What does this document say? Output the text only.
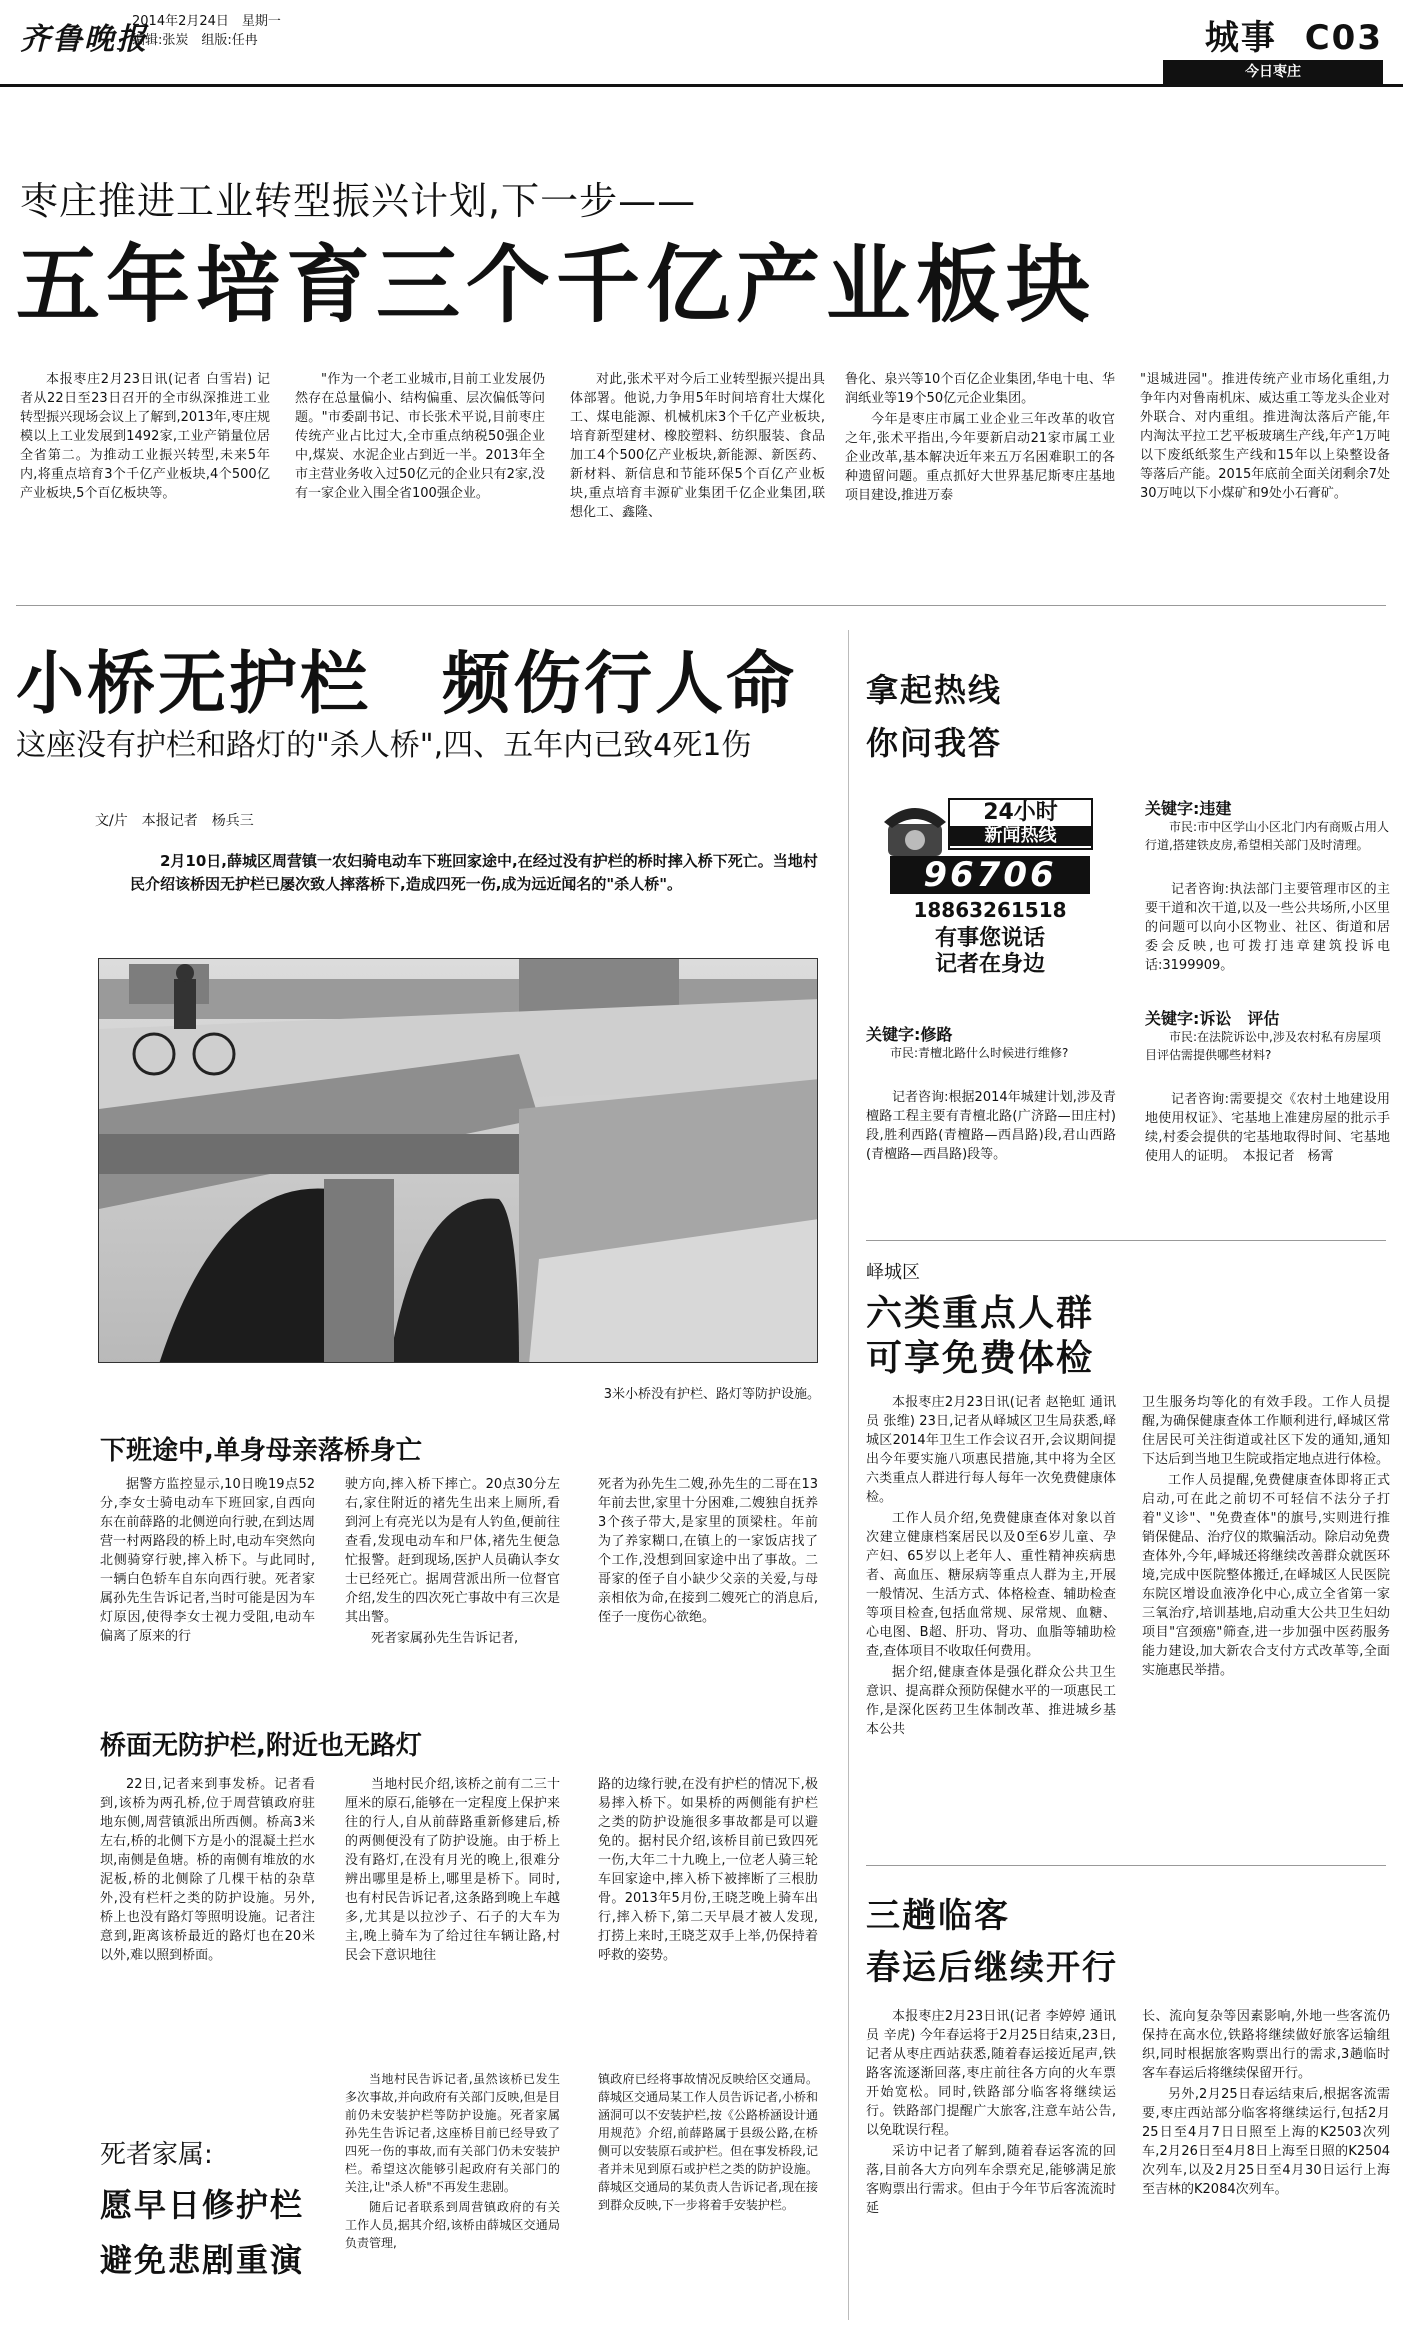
齐鲁晚报
2014年2月24日　星期一
编辑:张炭　组版:任冉	城事 C03
今日枣庄
枣庄推进工业转型振兴计划,下一步——
五年培育三个千亿产业板块

本报枣庄2月23日讯(记者 白雪岩) 记者从22日至23日召开的全市纵深推进工业转型振兴现场会议上了解到,2013年,枣庄规模以上工业发展到1492家,工业产销量位居全省第二。为推动工业振兴转型,未来5年内,将重点培育3个千亿产业板块,4个500亿产业板块,5个百亿板块等。

"作为一个老工业城市,目前工业发展仍然存在总量偏小、结构偏重、层次偏低等问题。"市委副书记、市长张术平说,目前枣庄传统产业占比过大,全市重点纳税50强企业中,煤炭、水泥企业占到近一半。2013年全市主营业务收入过50亿元的企业只有2家,没有一家企业入围全省100强企业。

对此,张术平对今后工业转型振兴提出具体部署。他说,力争用5年时间培育壮大煤化工、煤电能源、机械机床3个千亿产业板块,培育新型建材、橡胶塑料、纺织服装、食品加工4个500亿产业板块,新能源、新医药、新材料、新信息和节能环保5个百亿产业板块,重点培育丰源矿业集团千亿企业集团,联想化工、鑫隆、

鲁化、泉兴等10个百亿企业集团,华电十电、华润纸业等19个50亿元企业集团。

今年是枣庄市属工业企业三年改革的收官之年,张术平指出,今年要新启动21家市属工业企业改革,基本解决近年来五万名困难职工的各种遗留问题。重点抓好大世界基尼斯枣庄基地项目建设,推进万泰

"退城进园"。推进传统产业市场化重组,力争年内对鲁南机床、威达重工等龙头企业对外联合、对内重组。推进淘汰落后产能,年内淘汰平拉工艺平板玻璃生产线,年产1万吨以下废纸纸浆生产线和15年以上染整设备等落后产能。2015年底前全面关闭剩余7处30万吨以下小煤矿和9处小石膏矿。

小桥无护栏　频伤行人命
这座没有护栏和路灯的"杀人桥",四、五年内已致4死1伤
文/片　本报记者　杨兵三
2月10日,薛城区周营镇一农妇骑电动车下班回家途中,在经过没有护栏的桥时摔入桥下死亡。当地村民介绍该桥因无护栏已屡次致人摔落桥下,造成四死一伤,成为远近闻名的"杀人桥"。
3米小桥没有护栏、路灯等防护设施。
下班途中,单身母亲落桥身亡

据警方监控显示,10日晚19点52分,李女士骑电动车下班回家,自西向东在前薛路的北侧逆向行驶,在到达周营一村两路段的桥上时,电动车突然向北侧骑穿行驶,摔入桥下。与此同时,一辆白色轿车自东向西行驶。死者家属孙先生告诉记者,当时可能是因为车灯原因,使得李女士视力受阻,电动车偏离了原来的行

驶方向,摔入桥下摔亡。20点30分左右,家住附近的褚先生出来上厕所,看到河上有亮光以为是有人钓鱼,便前往查看,发现电动车和尸体,褚先生便急忙报警。赶到现场,医护人员确认李女士已经死亡。据周营派出所一位督官介绍,发生的四次死亡事故中有三次是其出警。

死者家属孙先生告诉记者,

死者为孙先生二嫂,孙先生的二哥在13年前去世,家里十分困难,二嫂独自抚养3个孩子带大,是家里的顶梁柱。年前为了养家糊口,在镇上的一家饭店找了个工作,没想到回家途中出了事故。二哥家的侄子自小缺少父亲的关爱,与母亲相依为命,在接到二嫂死亡的消息后,侄子一度伤心欲绝。

桥面无防护栏,附近也无路灯

22日,记者来到事发桥。记者看到,该桥为两孔桥,位于周营镇政府驻地东侧,周营镇派出所西侧。桥高3米左右,桥的北侧下方是小的混凝土拦水坝,南侧是鱼塘。桥的南侧有堆放的水泥板,桥的北侧除了几棵干枯的杂草外,没有栏杆之类的防护设施。另外,桥上也没有路灯等照明设施。记者注意到,距离该桥最近的路灯也在20米以外,难以照到桥面。

当地村民介绍,该桥之前有二三十厘米的原石,能够在一定程度上保护来往的行人,自从前薛路重新修建后,桥的两侧便没有了防护设施。由于桥上没有路灯,在没有月光的晚上,很难分辨出哪里是桥上,哪里是桥下。同时,也有村民告诉记者,这条路到晚上车越多,尤其是以拉沙子、石子的大车为主,晚上骑车为了给过往车辆让路,村民会下意识地往

路的边缘行驶,在没有护栏的情况下,极易摔入桥下。如果桥的两侧能有护栏之类的防护设施很多事故都是可以避免的。据村民介绍,该桥目前已致四死一伤,大年二十九晚上,一位老人骑三轮车回家途中,摔入桥下被摔断了三根肋骨。2013年5月份,王晓芝晚上骑车出行,摔入桥下,第二天早晨才被人发现,打捞上来时,王晓芝双手上举,仍保持着呼救的姿势。

当地村民告诉记者,虽然该桥已发生多次事故,并向政府有关部门反映,但是目前仍未安装护栏等防护设施。死者家属孙先生告诉记者,这座桥目前已经导致了四死一伤的事故,而有关部门仍未安装护栏。希望这次能够引起政府有关部门的关注,让"杀人桥"不再发生悲剧。

随后记者联系到周营镇政府的有关工作人员,据其介绍,该桥由薛城区交通局负责管理,

镇政府已经将事故情况反映给区交通局。薛城区交通局某工作人员告诉记者,小桥和涵洞可以不安装护栏,按《公路桥涵设计通用规范》介绍,前薛路属于县级公路,在桥侧可以安装原石或护栏。但在事发桥段,记者并未见到原石或护栏之类的防护设施。薛城区交通局的某负责人告诉记者,现在接到群众反映,下一步将着手安装护栏。

死者家属:
愿早日修护栏
避免悲剧重演
拿起热线
你问我答
24小时
新闻热线
96706
18863261518
有事您说话
记者在身边
关键字:违建
市民:市中区学山小区北门内有商贩占用人行道,搭建铁皮房,希望相关部门及时清理。

记者咨询:执法部门主要管理市区的主要干道和次干道,以及一些公共场所,小区里的问题可以向小区物业、社区、街道和居委会反映,也可拨打违章建筑投诉电话:3199909。

关键字:修路
市民:青檀北路什么时候进行维修?

记者咨询:根据2014年城建计划,涉及青檀路工程主要有青檀北路(广济路—田庄村)段,胜利西路(青檀路—西昌路)段,君山西路(青檀路—西昌路)段等。

关键字:诉讼　评估
市民:在法院诉讼中,涉及农村私有房屋项目评估需提供哪些材料?

记者咨询:需要提交《农村土地建设用地使用权证》、宅基地上准建房屋的批示手续,村委会提供的宅基地取得时间、宅基地使用人的证明。　本报记者　杨霄

峄城区
六类重点人群
可享免费体检

本报枣庄2月23日讯(记者 赵艳虹 通讯员 张维) 23日,记者从峄城区卫生局获悉,峄城区2014年卫生工作会议召开,会议期间提出今年要实施八项惠民措施,其中将为全区六类重点人群进行每人每年一次免费健康体检。

工作人员介绍,免费健康查体对象以首次建立健康档案居民以及0至6岁儿童、孕产妇、65岁以上老年人、重性精神疾病患者、高血压、糖尿病等重点人群为主,开展一般情况、生活方式、体格检查、辅助检查等项目检查,包括血常规、尿常规、血糖、心电图、B超、肝功、肾功、血脂等辅助检查,查体项目不收取任何费用。

据介绍,健康查体是强化群众公共卫生意识、提高群众预防保健水平的一项惠民工作,是深化医药卫生体制改革、推进城乡基本公共

卫生服务均等化的有效手段。工作人员提醒,为确保健康查体工作顺利进行,峄城区常住居民可关注街道或社区下发的通知,通知下达后到当地卫生院或指定地点进行体检。

工作人员提醒,免费健康查体即将正式启动,可在此之前切不可轻信不法分子打着"义诊"、"免费查体"的旗号,实则进行推销保健品、治疗仪的欺骗活动。除启动免费查体外,今年,峄城还将继续改善群众就医环境,完成中医院整体搬迁,在峄城区人民医院东院区增设血液净化中心,成立全省第一家三氧治疗,培训基地,启动重大公共卫生妇幼项目"宫颈癌"筛查,进一步加强中医药服务能力建设,加大新农合支付方式改革等,全面实施惠民举措。

三趟临客
春运后继续开行

本报枣庄2月23日讯(记者 李婷婷 通讯员 辛虎) 今年春运将于2月25日结束,23日,记者从枣庄西站获悉,随着春运接近尾声,铁路客流逐渐回落,枣庄前往各方向的火车票开始宽松。同时,铁路部分临客将继续运行。铁路部门提醒广大旅客,注意车站公告,以免耽误行程。

采访中记者了解到,随着春运客流的回落,目前各大方向列车余票充足,能够满足旅客购票出行需求。但由于今年节后客流流时延

长、流向复杂等因素影响,外地一些客流仍保持在高水位,铁路将继续做好旅客运输组织,同时根据旅客购票出行的需求,3趟临时客车春运后将继续保留开行。

另外,2月25日春运结束后,根据客流需要,枣庄西站部分临客将继续运行,包括2月25日至4月7日日照至上海的K2503次列车,2月26日至4月8日上海至日照的K2504次列车,以及2月25日至4月30日运行上海至吉林的K2084次列车。
